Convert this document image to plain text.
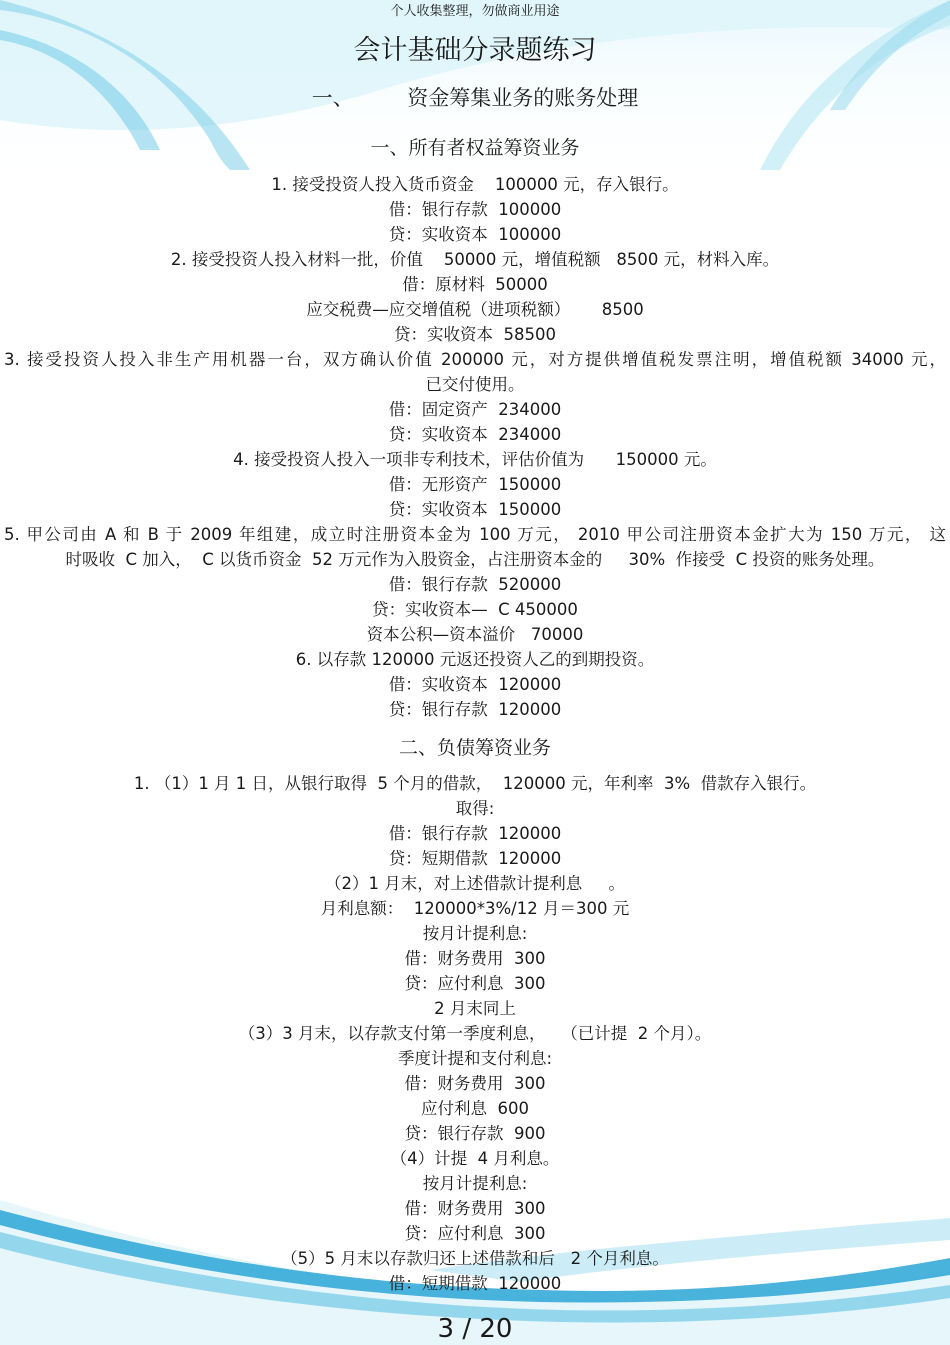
个人收集整理，勿做商业用途
会计基础分录题练习
一、        资金筹集业务的账务处理
一、所有者权益筹资业务
1. 接受投资人投入货币资金    100000 元，存入银行。
借：银行存款  100000
贷：实收资本  100000
2. 接受投资人投入材料一批，价值    50000 元，增值税额   8500 元，材料入库。
借：原材料  50000
应交税费—应交增值税（进项税额）      8500
贷：实收资本  58500
3. 接受投资人投入非生产用机器一台，双方确认价值 200000 元，对方提供增值税发票注明，增值税额 34000 元，
已交付使用。
借：固定资产  234000
贷：实收资本  234000
4. 接受投资人投入一项非专利技术，评估价值为      150000 元。
借：无形资产  150000
贷：实收资本  150000
5. 甲公司由 A 和 B 于 2009 年组建，成立时注册资本金为 100 万元， 2010 甲公司注册资本金扩大为 150 万元， 这
时吸收  C 加入，  C 以货币资金  52 万元作为入股资金，占注册资本金的     30%  作接受  C 投资的账务处理。
借：银行存款  520000
贷：实收资本—  C 450000
资本公积—资本溢价   70000
6. 以存款 120000 元返还投资人乙的到期投资。
借：实收资本  120000
贷：银行存款  120000
二、负债筹资业务
1. （1）1 月 1 日，从银行取得  5 个月的借款，  120000 元，年利率  3%  借款存入银行。
取得:
借：银行存款  120000
贷：短期借款  120000
（2）1 月末，对上述借款计提利息     。
月利息额：  120000*3%/12 月＝300 元
按月计提利息:
借：财务费用  300
贷：应付利息  300
2 月末同上
（3）3 月末，以存款支付第一季度利息，   （已计提  2 个月）。
季度计提和支付利息:
借：财务费用  300
应付利息  600
贷：银行存款  900
（4）计提  4 月利息。
按月计提利息:
借：财务费用  300
贷：应付利息  300
（5）5 月末以存款归还上述借款和后   2 个月利息。
借：短期借款  120000
3 / 20
